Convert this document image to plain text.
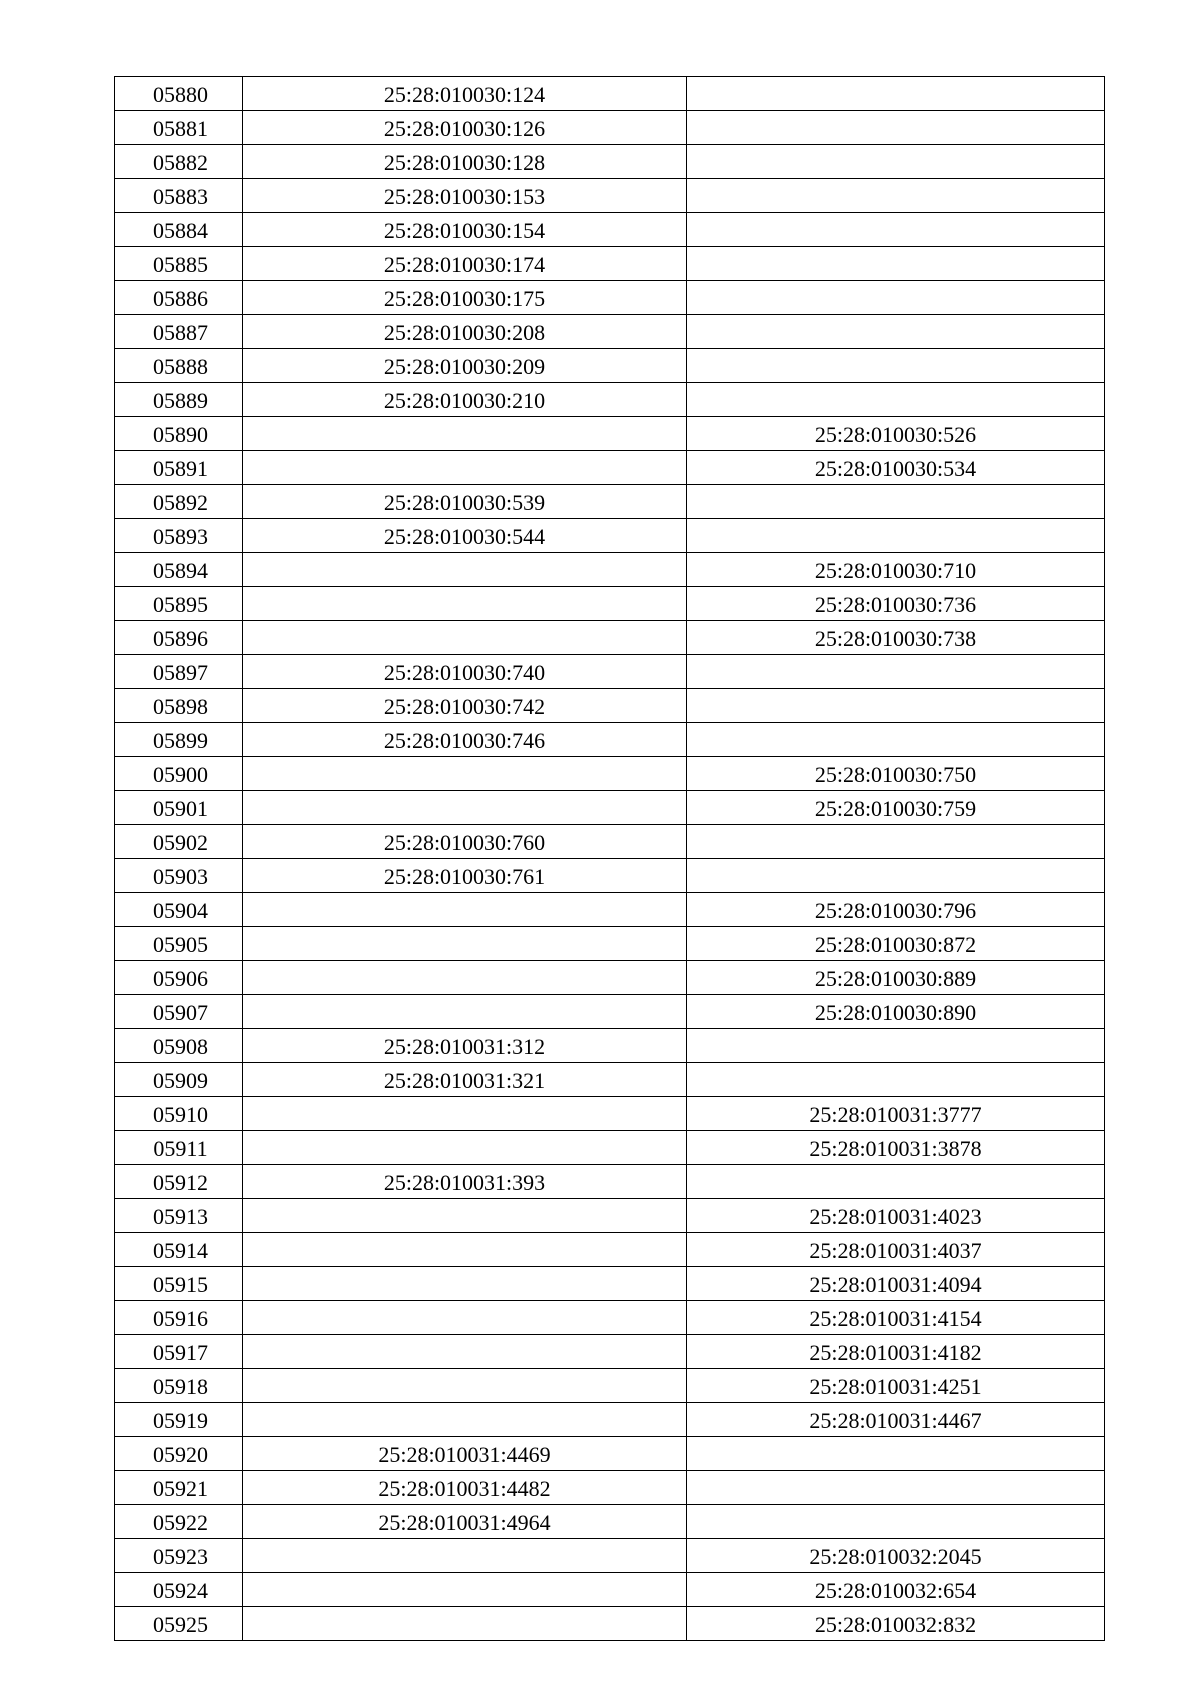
05880	25:28:010030:124	
05881	25:28:010030:126	
05882	25:28:010030:128	
05883	25:28:010030:153	
05884	25:28:010030:154	
05885	25:28:010030:174	
05886	25:28:010030:175	
05887	25:28:010030:208	
05888	25:28:010030:209	
05889	25:28:010030:210	
05890		25:28:010030:526
05891		25:28:010030:534
05892	25:28:010030:539	
05893	25:28:010030:544	
05894		25:28:010030:710
05895		25:28:010030:736
05896		25:28:010030:738
05897	25:28:010030:740	
05898	25:28:010030:742	
05899	25:28:010030:746	
05900		25:28:010030:750
05901		25:28:010030:759
05902	25:28:010030:760	
05903	25:28:010030:761	
05904		25:28:010030:796
05905		25:28:010030:872
05906		25:28:010030:889
05907		25:28:010030:890
05908	25:28:010031:312	
05909	25:28:010031:321	
05910		25:28:010031:3777
05911		25:28:010031:3878
05912	25:28:010031:393	
05913		25:28:010031:4023
05914		25:28:010031:4037
05915		25:28:010031:4094
05916		25:28:010031:4154
05917		25:28:010031:4182
05918		25:28:010031:4251
05919		25:28:010031:4467
05920	25:28:010031:4469	
05921	25:28:010031:4482	
05922	25:28:010031:4964	
05923		25:28:010032:2045
05924		25:28:010032:654
05925		25:28:010032:832
